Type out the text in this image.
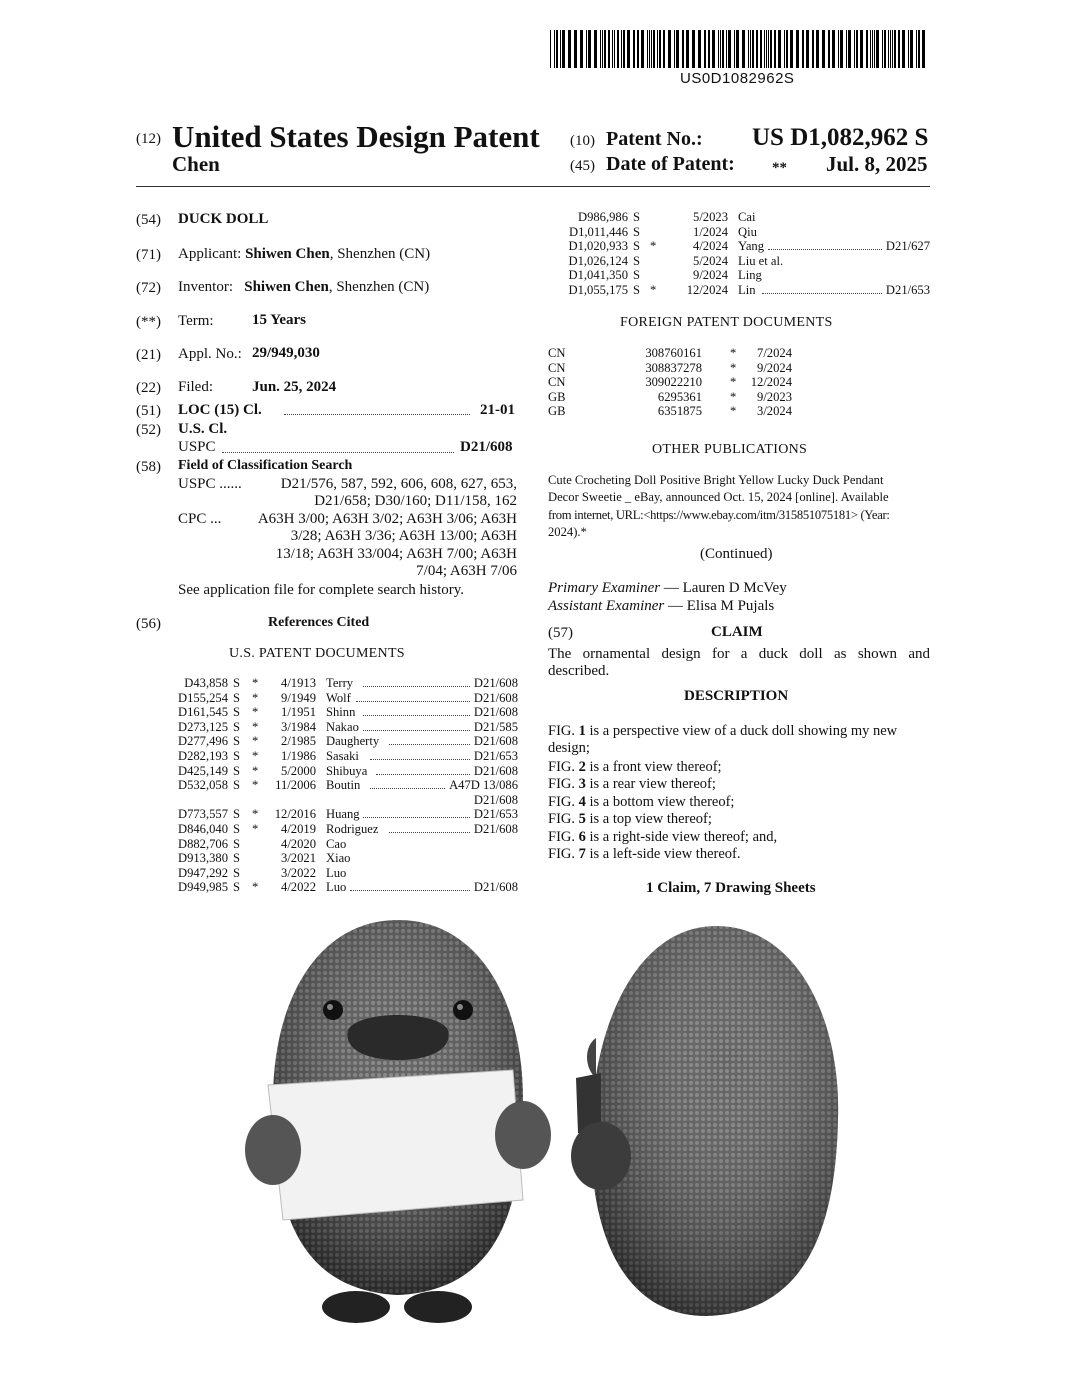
US0D1082962S
(12) United States Design Patent
Chen
(10) Patent No.: US D1,082,962 S
(45) Date of Patent: ** Jul. 8, 2025
(54) DUCK DOLL
(71) Applicant: Shiwen Chen, Shenzhen (CN)
(72) Inventor: Shiwen Chen, Shenzhen (CN)
(**) Term:	15 Years
(21) Appl. No.: 29/949,030
(22) Filed:	Jun. 25, 2024
(51) LOC (15) Cl.	21-01
(52) U.S. Cl.
USPC	D21/608
(58) Field of Classification Search
USPC ......	D21/576, 587, 592, 606, 608, 627, 653,
D21/658; D30/160; D11/158, 162
CPC ...	A63H 3/00; A63H 3/02; A63H 3/06; A63H
3/28; A63H 3/36; A63H 13/00; A63H
13/18; A63H 33/004; A63H 7/00; A63H
7/04; A63H 7/06
See application file for complete search history.
(56)	References Cited
U.S. PATENT DOCUMENTS
D43,858 S *	4/1913 Terry	D21/608
D155,254 S *	9/1949 Wolf	D21/608
D161,545 S *	1/1951 Shinn	D21/608
D273,125 S *	3/1984 Nakao	D21/585
D277,496 S *	2/1985 Daugherty	D21/608
D282,193 S *	1/1986 Sasaki	D21/653
D425,149 S *	5/2000 Shibuya	D21/608
D532,058 S *	11/2006 Boutin	A47D 13/086
D21/608
D773,557 S *	12/2016 Huang	D21/653
D846,040 S *	4/2019 Rodriguez	D21/608
D882,706 S	4/2020 Cao
D913,380 S	3/2021 Xiao
D947,292 S	3/2022 Luo
D949,985 S *	4/2022 Luo	D21/608
D986,986 S	5/2023 Cai
D1,011,446 S	1/2024 Qiu
D1,020,933 S *	4/2024 Yang	D21/627
D1,026,124 S	5/2024 Liu et al.
D1,041,350 S	9/2024 Ling
D1,055,175 S *	12/2024 Lin	D21/653
FOREIGN PATENT DOCUMENTS
CN	308760161 *	7/2024
CN	308837278 *	9/2024
CN	309022210 *	12/2024
GB	6295361 *	9/2023
GB	6351875 *	3/2024
OTHER PUBLICATIONS
Cute Crocheting Doll Positive Bright Yellow Lucky Duck Pendant
Decor Sweetie _ eBay, announced Oct. 15, 2024 [online]. Available
from internet, URL:<https://www.ebay.com/itm/315851075181> (Year:
2024).*
(Continued)
Primary Examiner — Lauren D McVey
Assistant Examiner — Elisa M Pujals
(57)	CLAIM
The ornamental design for a duck doll as shown and
described.
DESCRIPTION
FIG. 1 is a perspective view of a duck doll showing my new
design;
FIG. 2 is a front view thereof;
FIG. 3 is a rear view thereof;
FIG. 4 is a bottom view thereof;
FIG. 5 is a top view thereof;
FIG. 6 is a right-side view thereof; and,
FIG. 7 is a left-side view thereof.
1 Claim, 7 Drawing Sheets
